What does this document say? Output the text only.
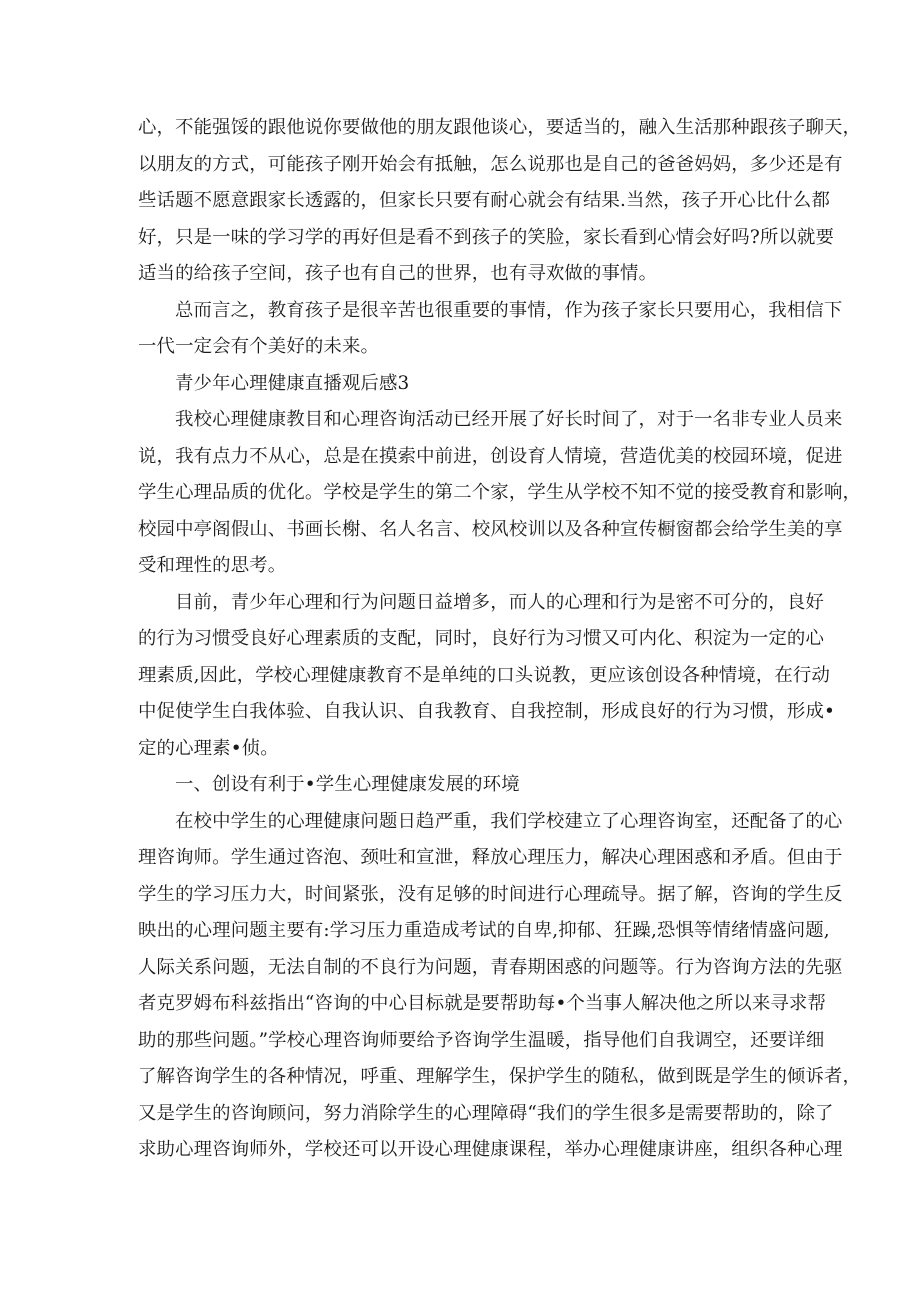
心，不能强馁的跟他说你要做他的朋友跟他谈心，要适当的，融入生活那种跟孩子聊天，
以朋友的方式，可能孩子刚开始会有抵触，怎么说那也是自己的爸爸妈妈，多少还是有
些话题不愿意跟家长透露的，但家长只要有耐心就会有结果.当然，孩子开心比什么都
好，只是一味的学习学的再好但是看不到孩子的笑脸，家长看到心情会好吗?所以就要
适当的给孩子空间，孩子也有自己的世界，也有寻欢做的事情。
总而言之，教育孩子是很辛苦也很重要的事情，作为孩子家长只要用心，我相信下
一代一定会有个美好的未来。
青少年心理健康直播观后感3
我校心理健康教目和心理咨询活动已经开展了好长时间了，对于一名非专业人员来
说，我有点力不从心，总是在摸索中前进，创设育人情境，营造优美的校园环境，促进
学生心理品质的优化。学校是学生的第二个家，学生从学校不知不觉的接受教育和影响，
校园中亭阁假山、书画长榭、名人名言、校风校训以及各种宣传橱窗都会给学生美的享
受和理性的思考。
目前，青少年心理和行为问题日益增多，而人的心理和行为是密不可分的，良好
的行为习惯受良好心理素质的支配，同时，良好行为习惯又可内化、积淀为一定的心
理素质,因此，学校心理健康教育不是单纯的口头说教，更应该创设各种情境，在行动
中促使学生白我体验、自我认识、自我教育、自我控制，形成良好的行为习惯，形成•
定的心理素•侦。
一、创设有利于•学生心理健康发展的环境
在校中学生的心理健康问题日趋严重，我们学校建立了心理咨询室，还配备了的心
理咨询师。学生通过咨泡、颈吐和宣泄，释放心理压力，解决心理困惑和矛盾。但由于
学生的学习压力大，时间紧张，没有足够的时间进行心理疏导。据了解，咨询的学生反
映出的心理问题主要有:学习压力重造成考试的自卑,抑郁、狂躁,恐惧等情绪情盛问题,
人际关系问题，无法自制的不良行为问题，青春期困惑的问题等。行为咨询方法的先驱
者克罗姆布科兹指出“咨询的中心目标就是要帮助每•个当事人解决他之所以来寻求帮
助的那些问题。”学校心理咨询师要给予咨询学生温暖，指导他们自我调空，还要详细
了解咨询学生的各种情况，呼重、理解学生，保护学生的随私，做到既是学生的倾诉者，
又是学生的咨询顾问，努力消除学生的心理障碍“我们的学生很多是需要帮助的，除了
求助心理咨询师外，学校还可以开设心理健康课程，举办心理健康讲座，组织各种心理
